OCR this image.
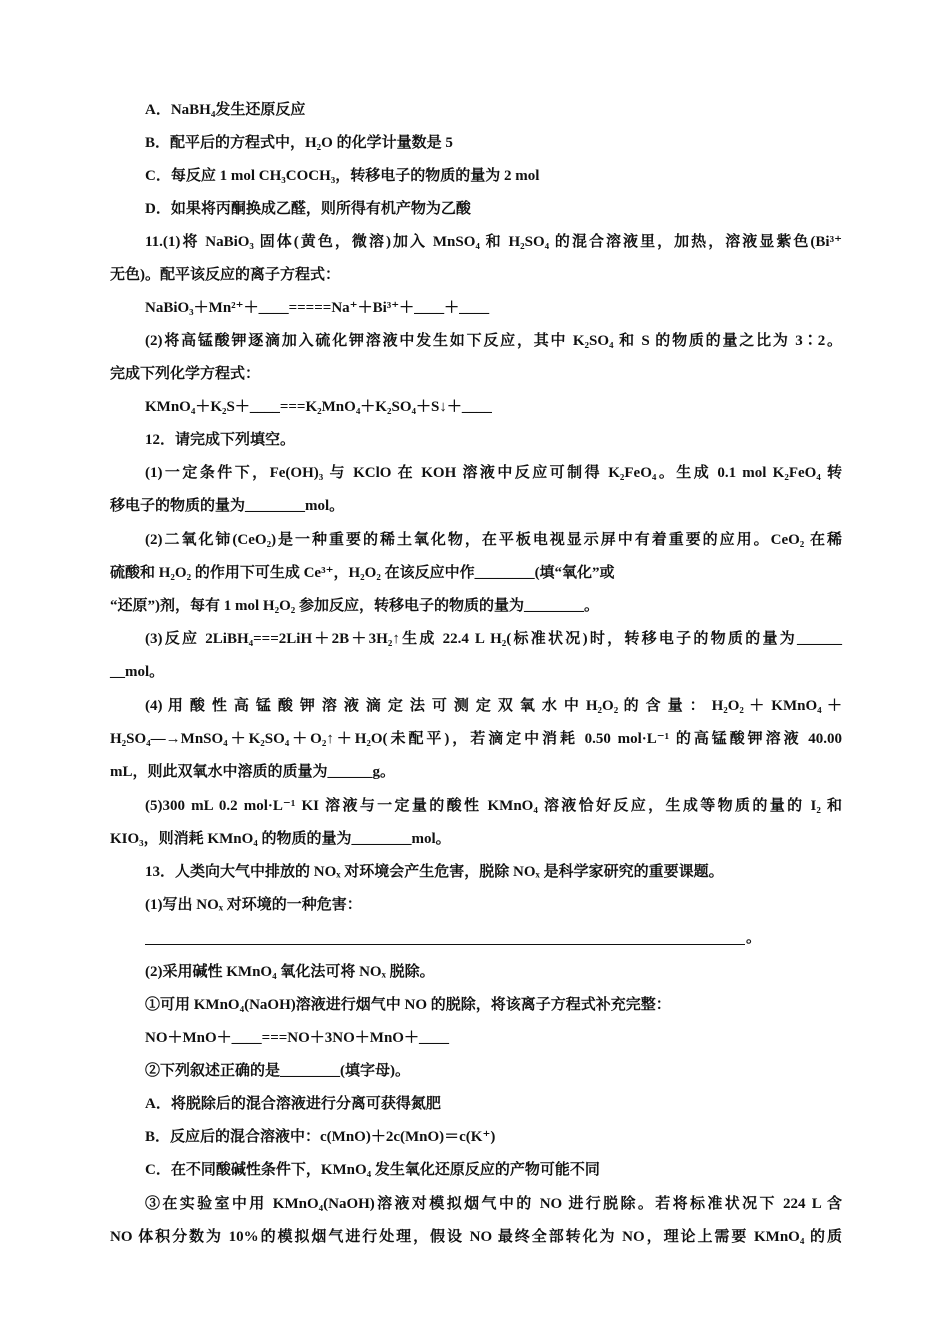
A．NaBH₄发生还原反应
B．配平后的方程式中，H₂O 的化学计量数是 5
C．每反应 1 mol CH₃COCH₃，转移电子的物质的量为 2 mol
D．如果将丙酮换成乙醛，则所得有机产物为乙酸
11.(1)将 NaBiO₃ 固体(黄色，微溶)加入 MnSO₄ 和 H₂SO₄ 的混合溶液里，加热，溶液显紫色(Bi³⁺
无色)。配平该反应的离子方程式：
NaBiO₃＋Mn²⁺＋____=====Na⁺＋Bi³⁺＋____＋____
(2)将高锰酸钾逐滴加入硫化钾溶液中发生如下反应，其中 K₂SO₄ 和 S 的物质的量之比为 3∶2。
完成下列化学方程式：
KMnO₄＋K₂S＋____===K₂MnO₄＋K₂SO₄＋S↓＋____
12．请完成下列填空。
(1)一定条件下，Fe(OH)₃ 与 KClO 在 KOH 溶液中反应可制得 K₂FeO₄。生成 0.1 mol K₂FeO₄ 转
移电子的物质的量为________mol。
(2)二氧化铈(CeO₂)是一种重要的稀土氧化物，在平板电视显示屏中有着重要的应用。CeO₂ 在稀
硫酸和 H₂O₂ 的作用下可生成 Ce³⁺，H₂O₂ 在该反应中作________(填“氧化”或
“还原”)剂，每有 1 mol H₂O₂ 参加反应，转移电子的物质的量为________。
(3)反应 2LiBH₄===2LiH＋2B＋3H₂↑生成 22.4 L H₂(标准状况)时，转移电子的物质的量为______
__mol。
(4) 用 酸 性 高 锰 酸 钾 溶 液 滴 定 法 可 测 定 双 氧 水 中 H₂O₂ 的 含 量 ： H₂O₂ ＋ KMnO₄ ＋
H₂SO₄―→MnSO₄＋K₂SO₄＋O₂↑＋H₂O(未配平)，若滴定中消耗 0.50 mol·L⁻¹ 的高锰酸钾溶液 40.00
mL，则此双氧水中溶质的质量为______g。
(5)300 mL 0.2 mol·L⁻¹ KI 溶液与一定量的酸性 KMnO₄ 溶液恰好反应，生成等物质的量的 I₂ 和
KIO₃，则消耗 KMnO₄ 的物质的量为________mol。
13．人类向大气中排放的 NOₓ 对环境会产生危害，脱除 NOₓ 是科学家研究的重要课题。
(1)写出 NOₓ 对环境的一种危害：
。
(2)采用碱性 KMnO₄ 氧化法可将 NOₓ 脱除。
①可用 KMnO₄(NaOH)溶液进行烟气中 NO 的脱除，将该离子方程式补充完整：
NO＋MnO＋____===NO＋3NO＋MnO＋____
②下列叙述正确的是________(填字母)。
A．将脱除后的混合溶液进行分离可获得氮肥
B．反应后的混合溶液中：c(MnO)＋2c(MnO)＝c(K⁺)
C．在不同酸碱性条件下，KMnO₄ 发生氧化还原反应的产物可能不同
③在实验室中用 KMnO₄(NaOH)溶液对模拟烟气中的 NO 进行脱除。若将标准状况下 224 L 含
NO 体积分数为 10%的模拟烟气进行处理，假设 NO 最终全部转化为 NO，理论上需要 KMnO₄ 的质
